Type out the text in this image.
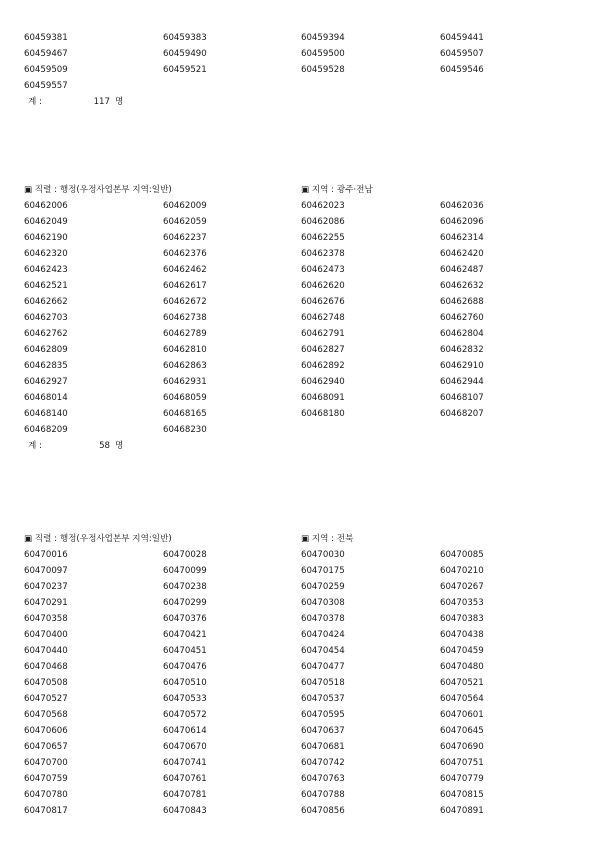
60459381	60459383	60459394	60459441
60459467	60459490	60459500	60459507
60459509	60459521	60459528	60459546
60459557
계 :	117 명
▣ 직렬 : 행정(우정사업본부 지역:일반)	▣ 지역 : 광주·전남
60462006	60462009	60462023	60462036
60462049	60462059	60462086	60462096
60462190	60462237	60462255	60462314
60462320	60462376	60462378	60462420
60462423	60462462	60462473	60462487
60462521	60462617	60462620	60462632
60462662	60462672	60462676	60462688
60462703	60462738	60462748	60462760
60462762	60462789	60462791	60462804
60462809	60462810	60462827	60462832
60462835	60462863	60462892	60462910
60462927	60462931	60462940	60462944
60468014	60468059	60468091	60468107
60468140	60468165	60468180	60468207
60468209	60468230
계 :	58 명
▣ 직렬 : 행정(우정사업본부 지역:일반)	▣ 지역 : 전북
60470016	60470028	60470030	60470085
60470097	60470099	60470175	60470210
60470237	60470238	60470259	60470267
60470291	60470299	60470308	60470353
60470358	60470376	60470378	60470383
60470400	60470421	60470424	60470438
60470440	60470451	60470454	60470459
60470468	60470476	60470477	60470480
60470508	60470510	60470518	60470521
60470527	60470533	60470537	60470564
60470568	60470572	60470595	60470601
60470606	60470614	60470637	60470645
60470657	60470670	60470681	60470690
60470700	60470741	60470742	60470751
60470759	60470761	60470763	60470779
60470780	60470781	60470788	60470815
60470817	60470843	60470856	60470891
